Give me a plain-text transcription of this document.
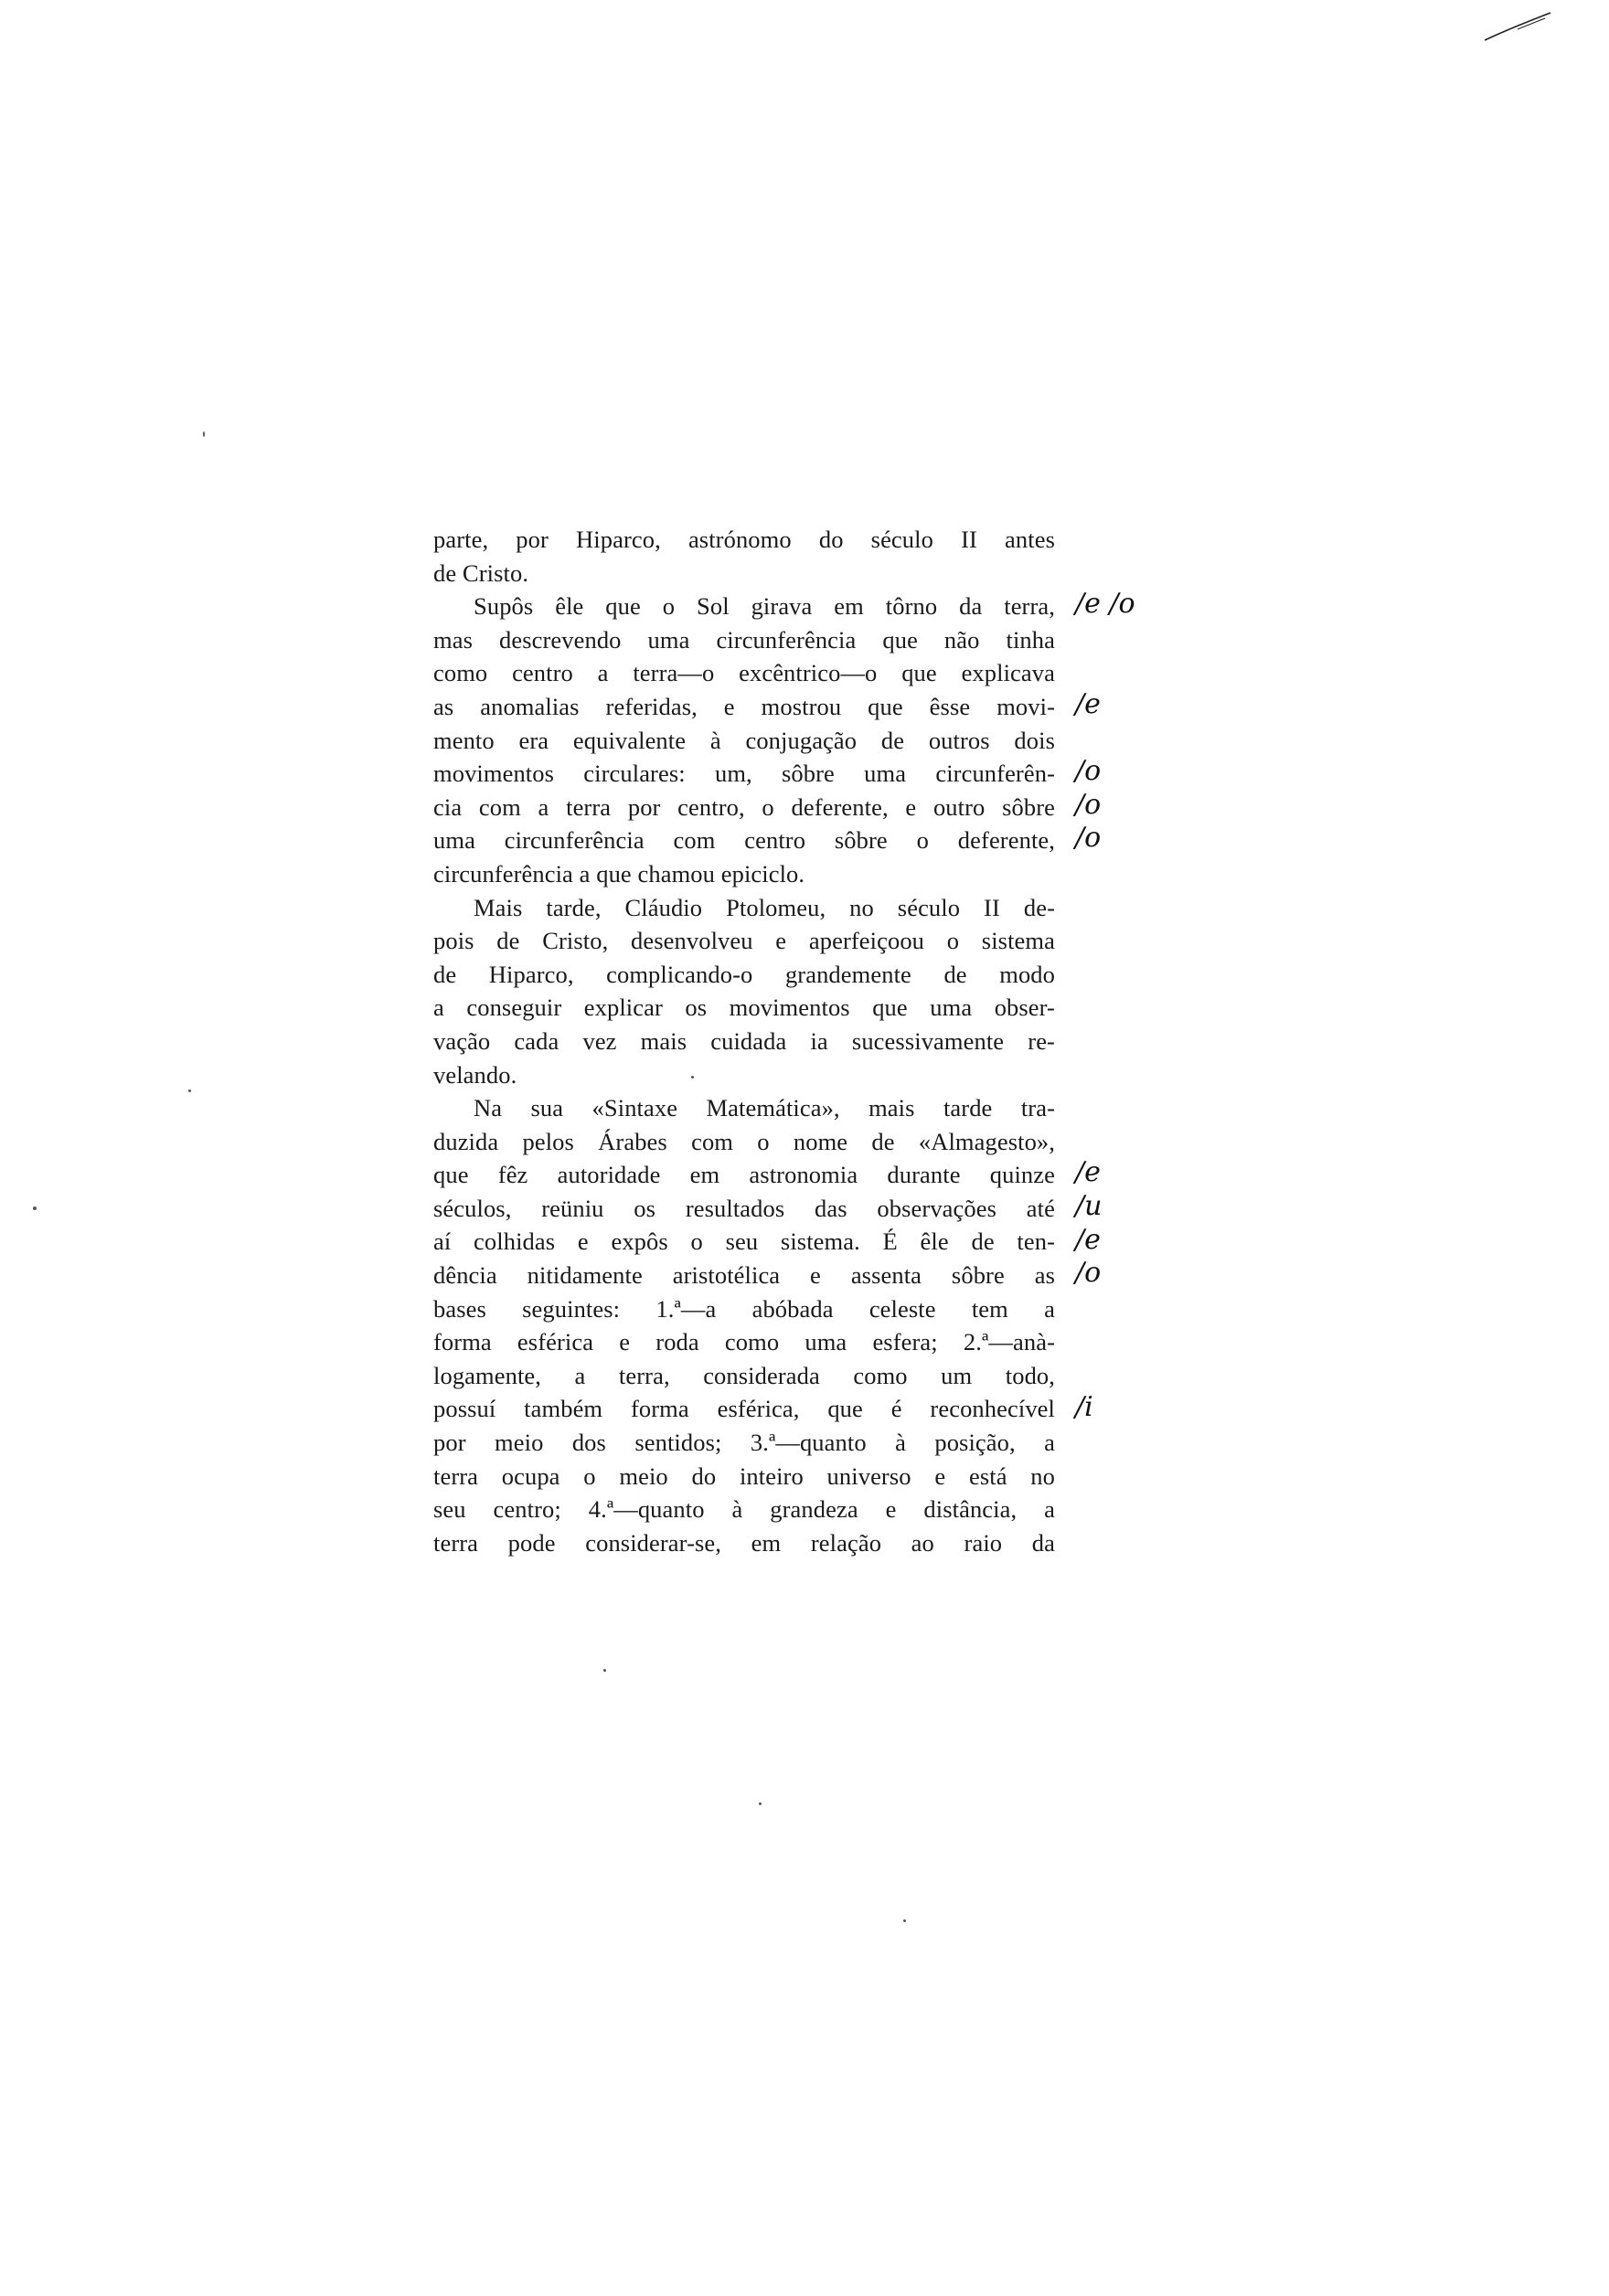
parte, por Hiparco, astrónomo do século II antes
de Cristo.
Supôs êle que o Sol girava em tôrno da terra,
mas descrevendo uma circunferência que não tinha
como centro a terra—o excêntrico—o que explicava
as anomalias referidas, e mostrou que êsse movi-
mento era equivalente à conjugação de outros dois
movimentos circulares: um, sôbre uma circunferên-
cia com a terra por centro, o deferente, e outro sôbre
uma circunferência com centro sôbre o deferente,
circunferência a que chamou epiciclo.
Mais tarde, Cláudio Ptolomeu, no século II de-
pois de Cristo, desenvolveu e aperfeiçoou o sistema
de Hiparco, complicando-o grandemente de modo
a conseguir explicar os movimentos que uma obser-
vação cada vez mais cuidada ia sucessivamente re-
velando.
Na sua «Sintaxe Matemática», mais tarde tra-
duzida pelos Árabes com o nome de «Almagesto»,
que fêz autoridade em astronomia durante quinze
séculos, reüniu os resultados das observações até
aí colhidas e expôs o seu sistema. É êle de ten-
dência nitidamente aristotélica e assenta sôbre as
bases seguintes: 1.ª—a abóbada celeste tem a
forma esférica e roda como uma esfera; 2.ª—anà-
logamente, a terra, considerada como um todo,
possuí também forma esférica, que é reconhecível
por meio dos sentidos; 3.ª—quanto à posição, a
terra ocupa o meio do inteiro universo e está no
seu centro; 4.ª—quanto à grandeza e distância, a
terra pode considerar-se, em relação ao raio da
/e /o
/e
/o
/o
/o
/e
/u
/e
/o
/i
